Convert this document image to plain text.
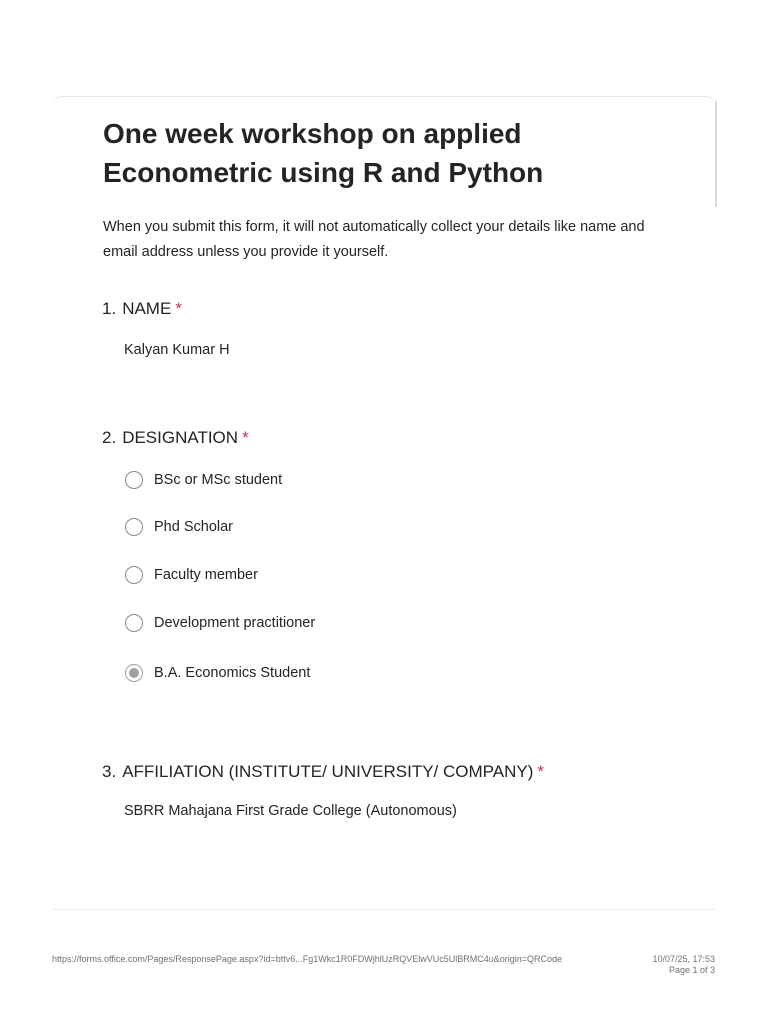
One week workshop on applied Econometric using R and Python

When you submit this form, it will not automatically collect your details like name and email address unless you provide it yourself.

1. NAME *
Kalyan Kumar H
2. DESIGNATION *
BSc or MSc student
Phd Scholar
Faculty member
Development practitioner
B.A. Economics Student
3. AFFILIATION (INSTITUTE/ UNIVERSITY/ COMPANY) *
SBRR Mahajana First Grade College (Autonomous)
https://forms.office.com/Pages/ResponsePage.aspx?id=bttv6...Fg1Wkc1R0FDWjhlUzRQVElwVUc5UlBRMC4u&origin=QRCode	10/07/25, 17:53
Page 1 of 3
